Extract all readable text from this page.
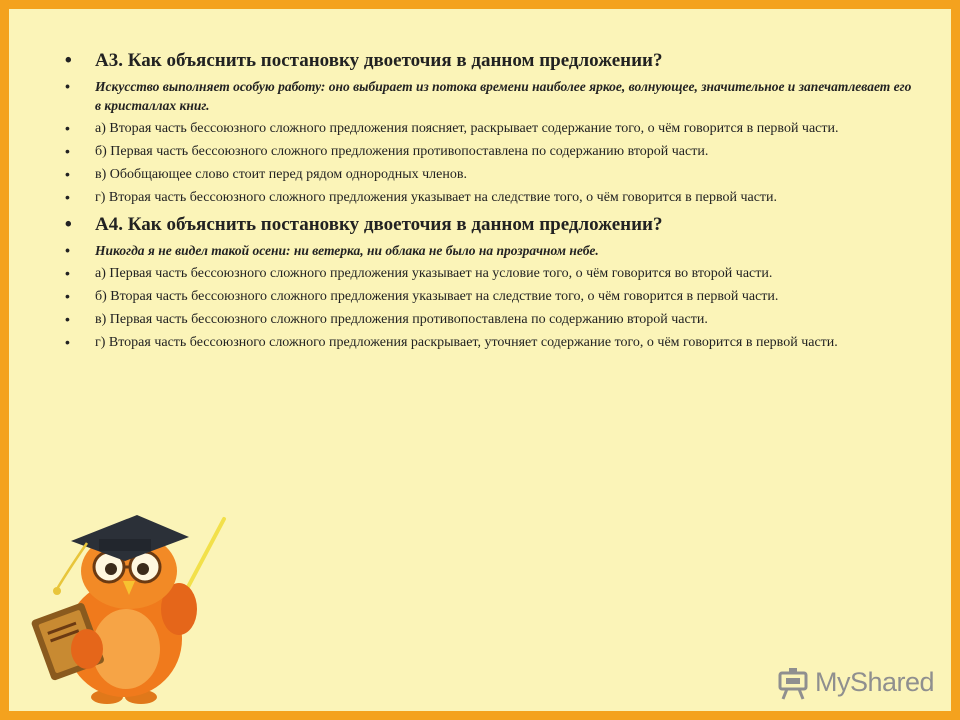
• А3. Как объяснить постановку двоеточия в данном предложении?
• Искусство выполняет особую работу: оно выбирает из потока времени наиболее яркое, волнующее, значительное и запечатлевает его в кристаллах книг.
• а) Вторая часть бессоюзного сложного предложения поясняет, раскрывает содержание того, о чём говорится в первой части.
• б) Первая часть бессоюзного сложного предложения противопоставлена по содержанию второй части.
• в) Обобщающее слово стоит перед рядом однородных членов.
• г) Вторая часть бессоюзного сложного предложения указывает на следствие того, о чём говорится в первой части.
• А4. Как объяснить постановку двоеточия в данном предложении?
• Никогда я не видел такой осени: ни ветерка, ни облака не было на прозрачном небе.
• а) Первая часть бессоюзного сложного предложения указывает на условие того, о чём говорится во второй части.
• б) Вторая часть бессоюзного сложного предложения указывает на следствие того, о чём говорится в первой части.
• в) Первая часть бессоюзного сложного предложения противопоставлена по содержанию второй части.
• г) Вторая часть бессоюзного сложного предложения раскрывает, уточняет содержание того, о чём говорится в первой части.
MyShared
